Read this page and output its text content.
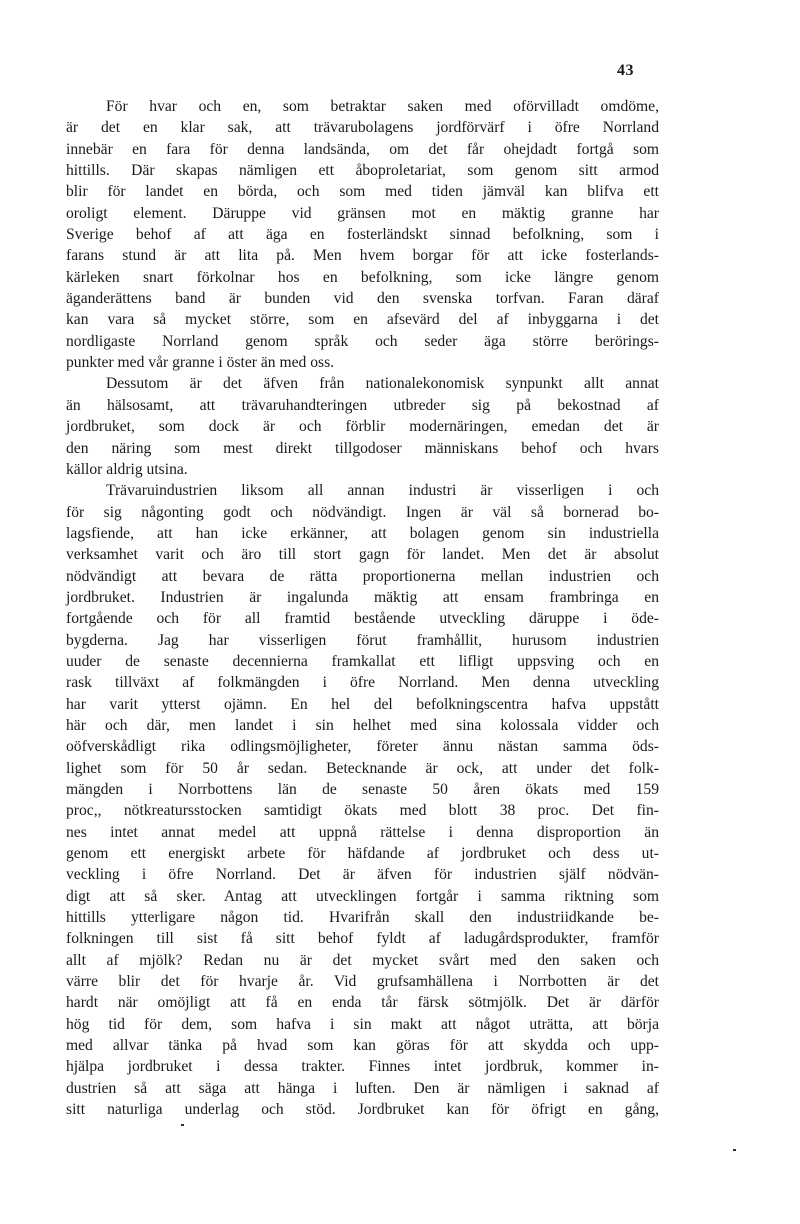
43
För hvar och en, som betraktar saken med oförvilladt omdöme,
är det en klar sak, att trävarubolagens jordförvärf i öfre Norrland
innebär en fara för denna landsända, om det får ohejdadt fortgå som
hittills. Där skapas nämligen ett åboproletariat, som genom sitt armod
blir för landet en börda, och som med tiden jämväl kan blifva ett
oroligt element. Däruppe vid gränsen mot en mäktig granne har
Sverige behof af att äga en fosterländskt sinnad befolkning, som i
farans stund är att lita på. Men hvem borgar för att icke fosterlands-
kärleken snart förkolnar hos en befolkning, som icke längre genom
äganderättens band är bunden vid den svenska torfvan. Faran däraf
kan vara så mycket större, som en afsevärd del af inbyggarna i det
nordligaste Norrland genom språk och seder äga större berörings-
punkter med vår granne i öster än med oss.
Dessutom är det äfven från nationalekonomisk synpunkt allt annat
än hälsosamt, att trävaruhandteringen utbreder sig på bekostnad af
jordbruket, som dock är och förblir modernäringen, emedan det är
den näring som mest direkt tillgodoser människans behof och hvars
källor aldrig utsina.
Trävaruindustrien liksom all annan industri är visserligen i och
för sig någonting godt och nödvändigt. Ingen är väl så bornerad bo-
lagsfiende, att han icke erkänner, att bolagen genom sin industriella
verksamhet varit och äro till stort gagn för landet. Men det är absolut
nödvändigt att bevara de rätta proportionerna mellan industrien och
jordbruket. Industrien är ingalunda mäktig att ensam frambringa en
fortgående och för all framtid bestående utveckling däruppe i öde-
bygderna. Jag har visserligen förut framhållit, hurusom industrien
uuder de senaste decennierna framkallat ett lifligt uppsving och en
rask tillväxt af folkmängden i öfre Norrland. Men denna utveckling
har varit ytterst ojämn. En hel del befolkningscentra hafva uppstått
här och där, men landet i sin helhet med sina kolossala vidder och
oöfverskådligt rika odlingsmöjligheter, företer ännu nästan samma öds-
lighet som för 50 år sedan. Betecknande är ock, att under det folk-
mängden i Norrbottens län de senaste 50 åren ökats med 159
proc,, nötkreatursstocken samtidigt ökats med blott 38 proc. Det fin-
nes intet annat medel att uppnå rättelse i denna disproportion än
genom ett energiskt arbete för häfdande af jordbruket och dess ut-
veckling i öfre Norrland. Det är äfven för industrien själf nödvän-
digt att så sker. Antag att utvecklingen fortgår i samma riktning som
hittills ytterligare någon tid. Hvarifrån skall den industriidkande be-
folkningen till sist få sitt behof fyldt af ladugårdsprodukter, framför
allt af mjölk? Redan nu är det mycket svårt med den saken och
värre blir det för hvarje år. Vid grufsamhällena i Norrbotten är det
hardt när omöjligt att få en enda tår färsk sötmjölk. Det är därför
hög tid för dem, som hafva i sin makt att något uträtta, att börja
med allvar tänka på hvad som kan göras för att skydda och upp-
hjälpa jordbruket i dessa trakter. Finnes intet jordbruk, kommer in-
dustrien så att säga att hänga i luften. Den är nämligen i saknad af
sitt naturliga underlag och stöd. Jordbruket kan för öfrigt en gång,
